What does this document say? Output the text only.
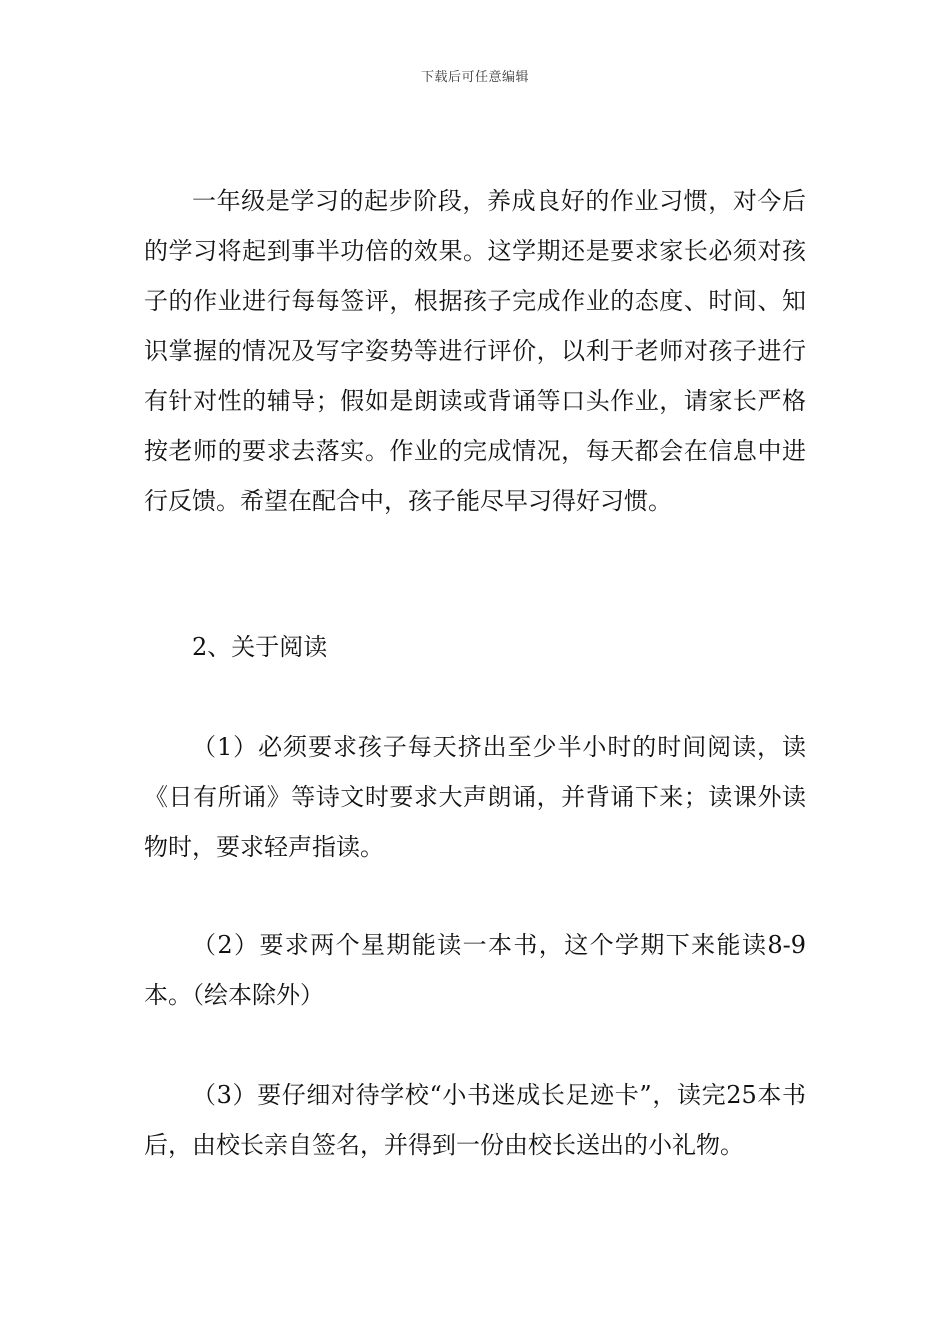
下载后可任意编辑

一年级是学习的起步阶段，养成良好的作业习惯，对今后的学习将起到事半功倍的效果。这学期还是要求家长必须对孩子的作业进行每每签评，根据孩子完成作业的态度、时间、知识掌握的情况及写字姿势等进行评价，以利于老师对孩子进行有针对性的辅导；假如是朗读或背诵等口头作业，请家长严格按老师的要求去落实。作业的完成情况，每天都会在信息中进行反馈。希望在配合中，孩子能尽早习得好习惯。

2、关于阅读

（1）必须要求孩子每天挤出至少半小时的时间阅读，读《日有所诵》等诗文时要求大声朗诵，并背诵下来；读课外读物时，要求轻声指读。

（2）要求两个星期能读一本书，这个学期下来能读8-9本。（绘本除外）

（3）要仔细对待学校“小书迷成长足迹卡”，读完25本书后，由校长亲自签名，并得到一份由校长送出的小礼物。
